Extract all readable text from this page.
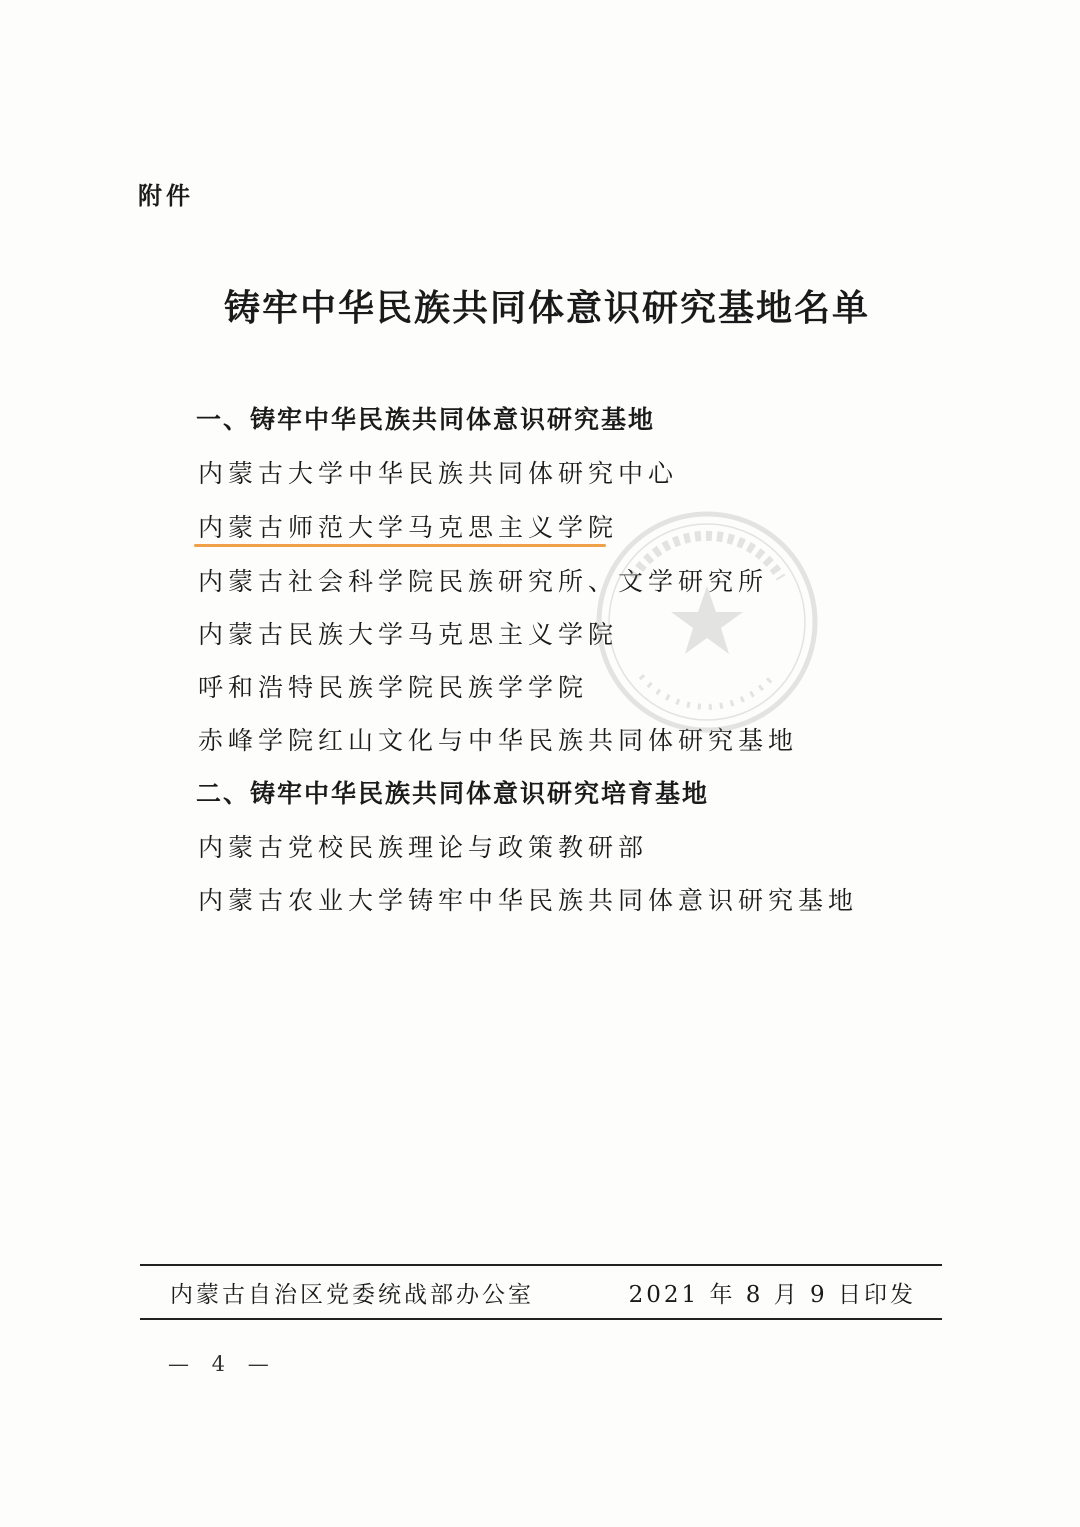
附件
铸牢中华民族共同体意识研究基地名单
一、铸牢中华民族共同体意识研究基地
内蒙古大学中华民族共同体研究中心
内蒙古师范大学马克思主义学院
内蒙古社会科学院民族研究所、文学研究所
内蒙古民族大学马克思主义学院
呼和浩特民族学院民族学学院
赤峰学院红山文化与中华民族共同体研究基地
二、铸牢中华民族共同体意识研究培育基地
内蒙古党校民族理论与政策教研部
内蒙古农业大学铸牢中华民族共同体意识研究基地
内蒙古自治区党委统战部办公室	2021 年 8 月 9 日印发
— 4 —
